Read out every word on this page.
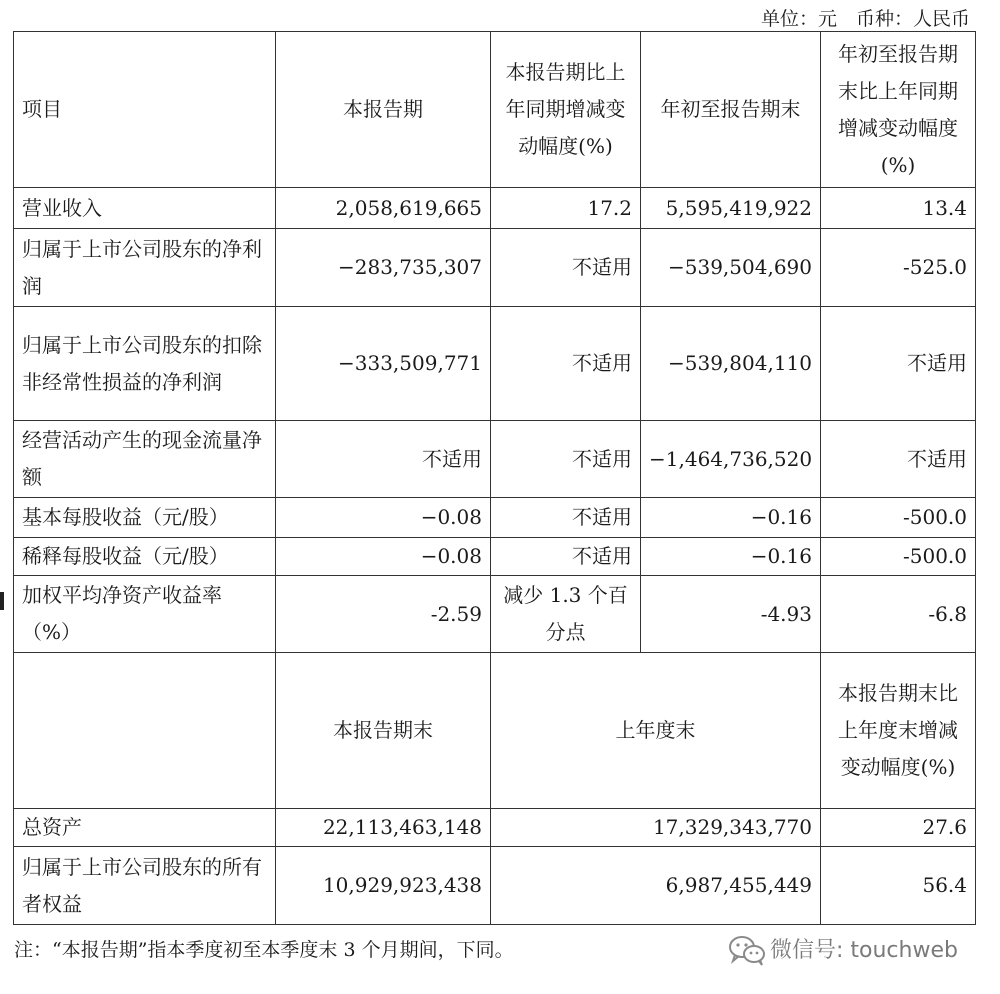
单位：元　币种：人民币
项目	本报告期	本报告期比上年同期增减变动幅度(%)	年初至报告期末	年初至报告期末比上年同期增减变动幅度(%)
营业收入	2,058,619,665	17.2	5,595,419,922	13.4
归属于上市公司股东的净利润	−283,735,307	不适用	−539,504,690	-525.0
归属于上市公司股东的扣除非经常性损益的净利润	−333,509,771	不适用	−539,804,110	不适用
经营活动产生的现金流量净额	不适用	不适用	−1,464,736,520	不适用
基本每股收益（元/股）	−0.08	不适用	−0.16	-500.0
稀释每股收益（元/股）	−0.08	不适用	−0.16	-500.0
加权平均净资产收益率（%）	-2.59	减少 1.3 个百分点	-4.93	-6.8
	本报告期末	上年度末		本报告期末比上年度末增减变动幅度(%)
总资产	22,113,463,148	17,329,343,770		27.6
归属于上市公司股东的所有者权益	10,929,923,438	6,987,455,449		56.4
注：“本报告期”指本季度初至本季度末 3 个月期间，下同。	微信号: touchweb
